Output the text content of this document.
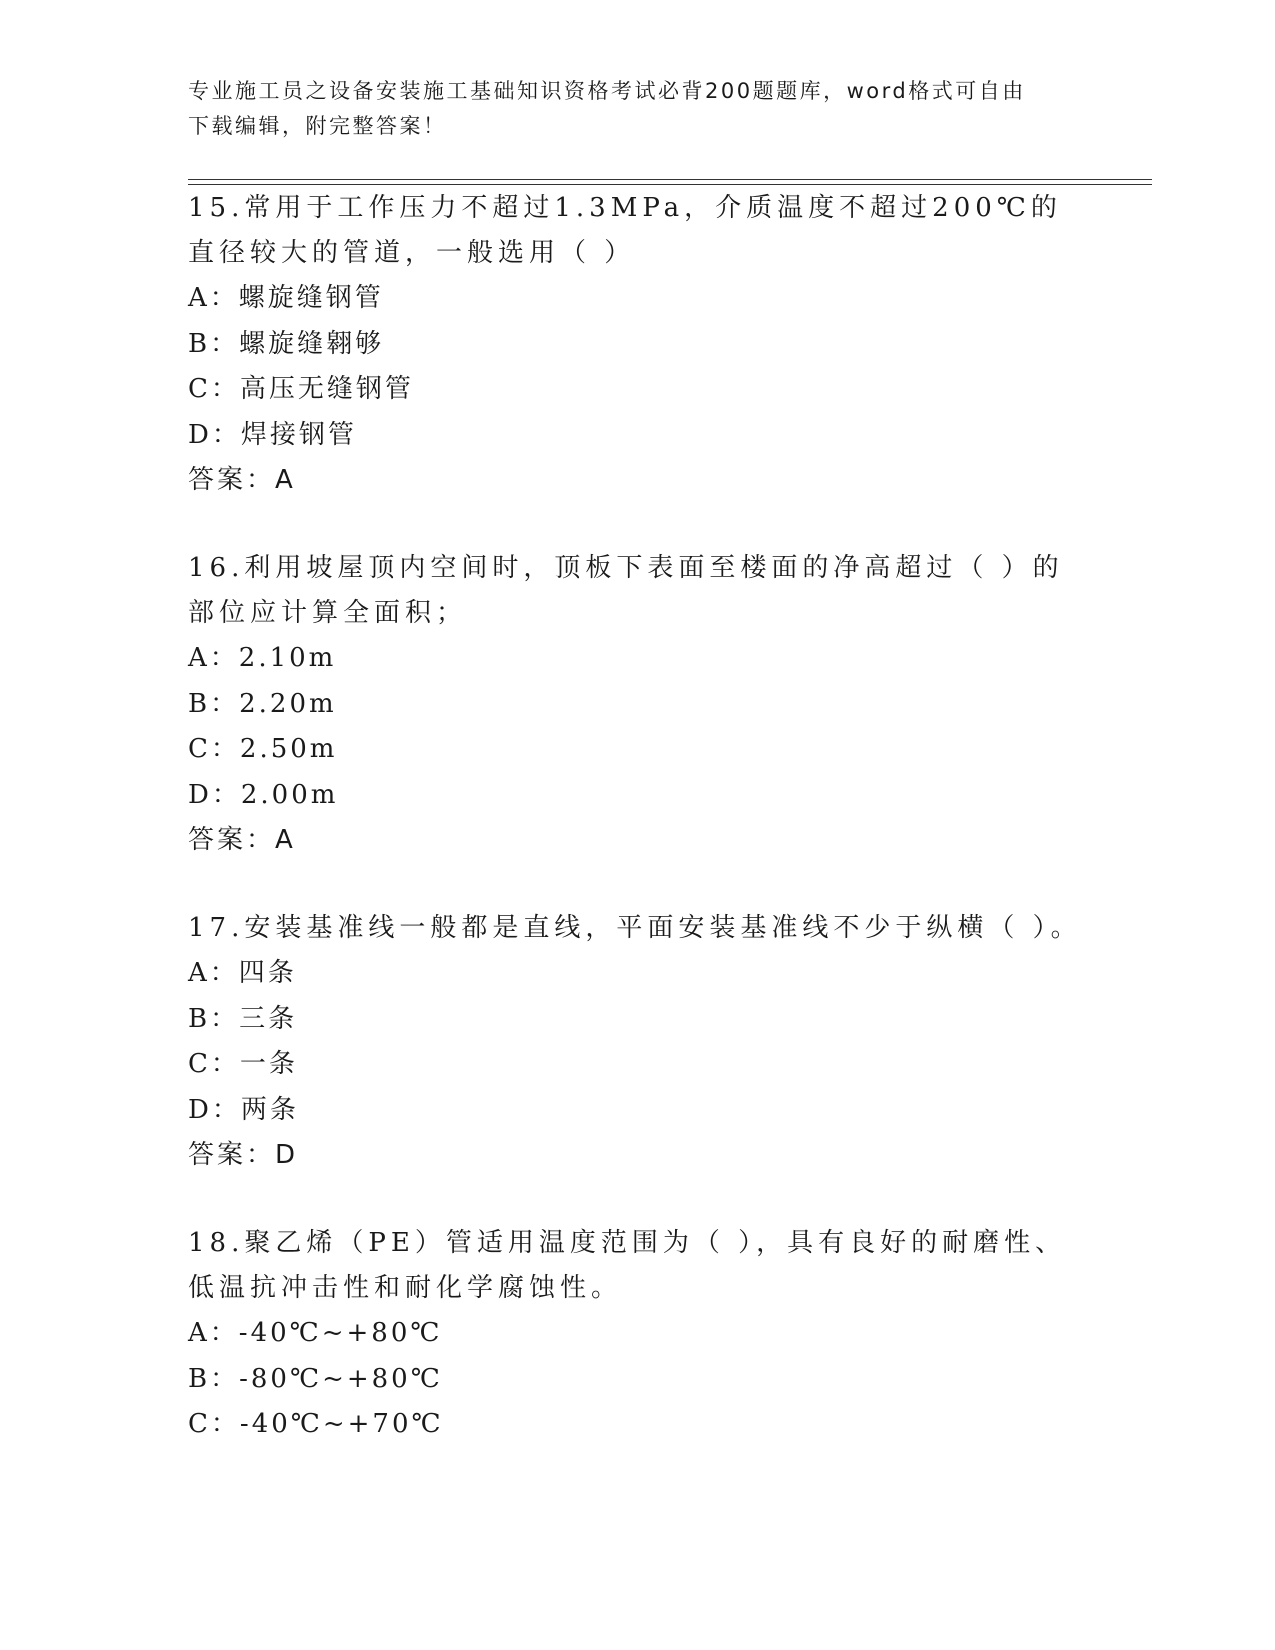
专业施工员之设备安装施工基础知识资格考试必背200题题库，word格式可自由
下载编辑，附完整答案！

15.常用于工作压力不超过1.3MPa，介质温度不超过200℃的直径较大的管道，一般选用（ ）

A：螺旋缝钢管

B：螺旋缝翱够

C：高压无缝钢管

D：焊接钢管

答案：A

16.利用坡屋顶内空间时，顶板下表面至楼面的净高超过（ ）的部位应计算全面积；

A：2.10m

B：2.20m

C：2.50m

D：2.00m

答案：A

17.安装基准线一般都是直线，平面安装基准线不少于纵横（ ）。

A：四条

B：三条

C：一条

D：两条

答案：D

18.聚乙烯（PE）管适用温度范围为（ ），具有良好的耐磨性、低温抗冲击性和耐化学腐蚀性。

A：-40℃~+80℃

B：-80℃~+80℃

C：-40℃~+70℃
